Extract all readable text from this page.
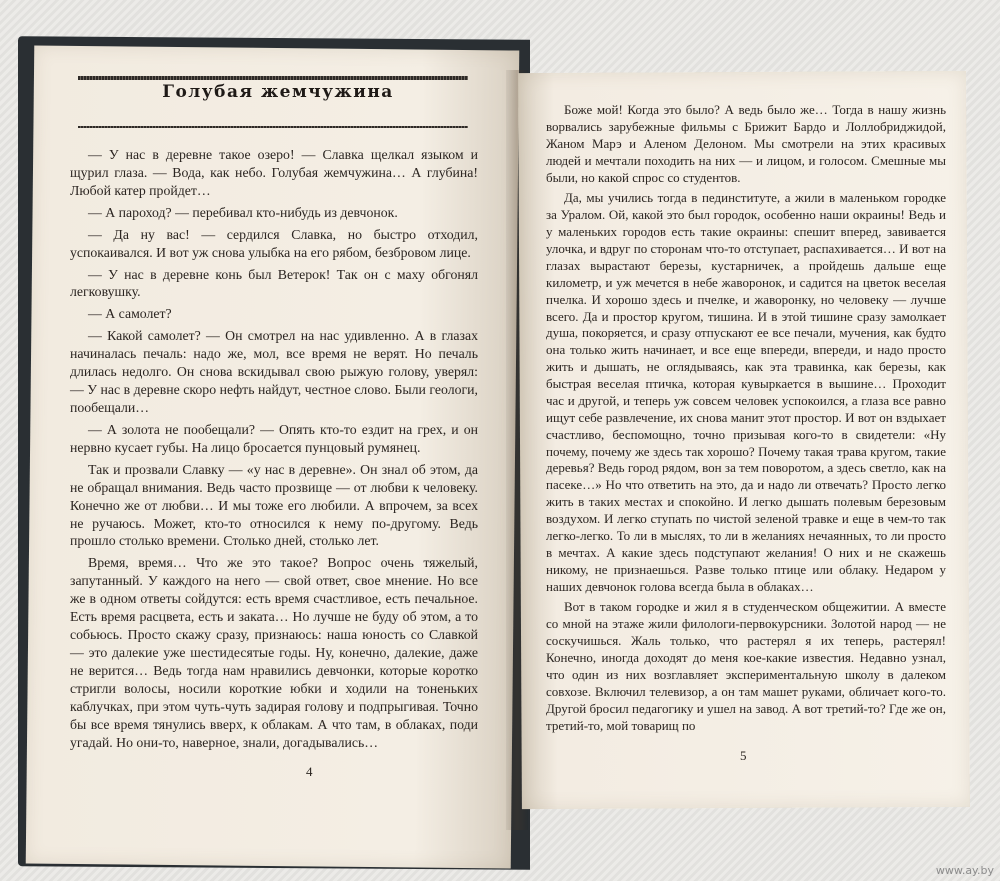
Голубая жемчужина

— У нас в деревне такое озеро! — Славка щелкал языком и щурил глаза. — Вода, как небо. Голубая жемчужина… А глубина! Любой катер пройдет…

— А пароход? — перебивал кто-нибудь из девчонок.

— Да ну вас! — сердился Славка, но быстро отходил, успокаивался. И вот уж снова улыбка на его рябом, безбровом лице.

— У нас в деревне конь был Ветерок! Так он с маху обгонял легковушку.

— А самолет?

— Какой самолет? — Он смотрел на нас удивленно. А в глазах начиналась печаль: надо же, мол, все время не верят. Но печаль длилась недолго. Он снова вскидывал свою рыжую голову, уверял: — У нас в деревне скоро нефть найдут, честное слово. Были геологи, пообещали…

— А золота не пообещали? — Опять кто-то ездит на грех, и он нервно кусает губы. На лицо бросается пунцовый румянец.

Так и прозвали Славку — «у нас в деревне». Он знал об этом, да не обращал внимания. Ведь часто прозвище — от любви к человеку. Конечно же от любви… И мы тоже его любили. А впрочем, за всех не ручаюсь. Может, кто-то относился к нему по-другому. Ведь прошло столько времени. Столько дней, столько лет.

Время, время… Что же это такое? Вопрос очень тяжелый, запутанный. У каждого на него — свой ответ, свое мнение. Но все же в одном ответы сойдутся: есть время счастливое, есть печальное. Есть время расцвета, есть и заката… Но лучше не буду об этом, а то собьюсь. Просто скажу сразу, признаюсь: наша юность со Славкой — это далекие уже шестидесятые годы. Ну, конечно, далекие, даже не верится… Ведь тогда нам нравились девчонки, которые коротко стригли волосы, носили короткие юбки и ходили на тоненьких каблучках, при этом чуть-чуть задирая голову и подпрыгивая. Точно бы все время тянулись вверх, к облакам. А что там, в облаках, поди угадай. Но они-то, наверное, знали, догадывались…

4

Боже мой! Когда это было? А ведь было же… Тогда в нашу жизнь ворвались зарубежные фильмы с Брижит Бардо и Лоллобриджидой, Жаном Марэ и Аленом Делоном. Мы смотрели на этих красивых людей и мечтали походить на них — и лицом, и голосом. Смешные мы были, но какой спрос со студентов.

Да, мы учились тогда в пединституте, а жили в маленьком городке за Уралом. Ой, какой это был городок, особенно наши окраины! Ведь и у маленьких городов есть такие окраины: спешит вперед, завивается улочка, и вдруг по сторонам что-то отступает, распахивается… И вот на глазах вырастают березы, кустарничек, а пройдешь дальше еще километр, и уж мечется в небе жаворонок, и садится на цветок веселая пчелка. И хорошо здесь и пчелке, и жаворонку, но человеку — лучше всего. Да и простор кругом, тишина. И в этой тишине сразу замолкает душа, покоряется, и сразу отпускают ее все печали, мучения, как будто она только жить начинает, и все еще впереди, впереди, и надо просто жить и дышать, не оглядываясь, как эта травинка, как березы, как быстрая веселая птичка, которая кувыркается в вышине… Проходит час и другой, и теперь уж совсем человек успокоился, а глаза все равно ищут себе развлечение, их снова манит этот простор. И вот он вздыхает счастливо, беспомощно, точно призывая кого-то в свидетели: «Ну почему, почему же здесь так хорошо? Почему такая трава кругом, такие деревья? Ведь город рядом, вон за тем поворотом, а здесь светло, как на пасеке…» Но что ответить на это, да и надо ли отвечать? Просто легко жить в таких местах и спокойно. И легко дышать полевым березовым воздухом. И легко ступать по чистой зеленой травке и еще в чем-то так легко-легко. То ли в мыслях, то ли в желаниях нечаянных, то ли просто в мечтах. А какие здесь подступают желания! О них и не скажешь никому, не признаешься. Разве только птице или облаку. Недаром у наших девчонок голова всегда была в облаках…

Вот в таком городке и жил я в студенческом общежитии. А вместе со мной на этаже жили филологи-первокурсники. Золотой народ — не соскучишься. Жаль только, что растерял я их теперь, растерял! Конечно, иногда доходят до меня кое-какие известия. Недавно узнал, что один из них возглавляет экспериментальную школу в далеком совхозе. Включил телевизор, а он там машет руками, обличает кого-то. Другой бросил педагогику и ушел на завод. А вот третий-то? Где же он, третий-то, мой товарищ по

5
www.ay.by
